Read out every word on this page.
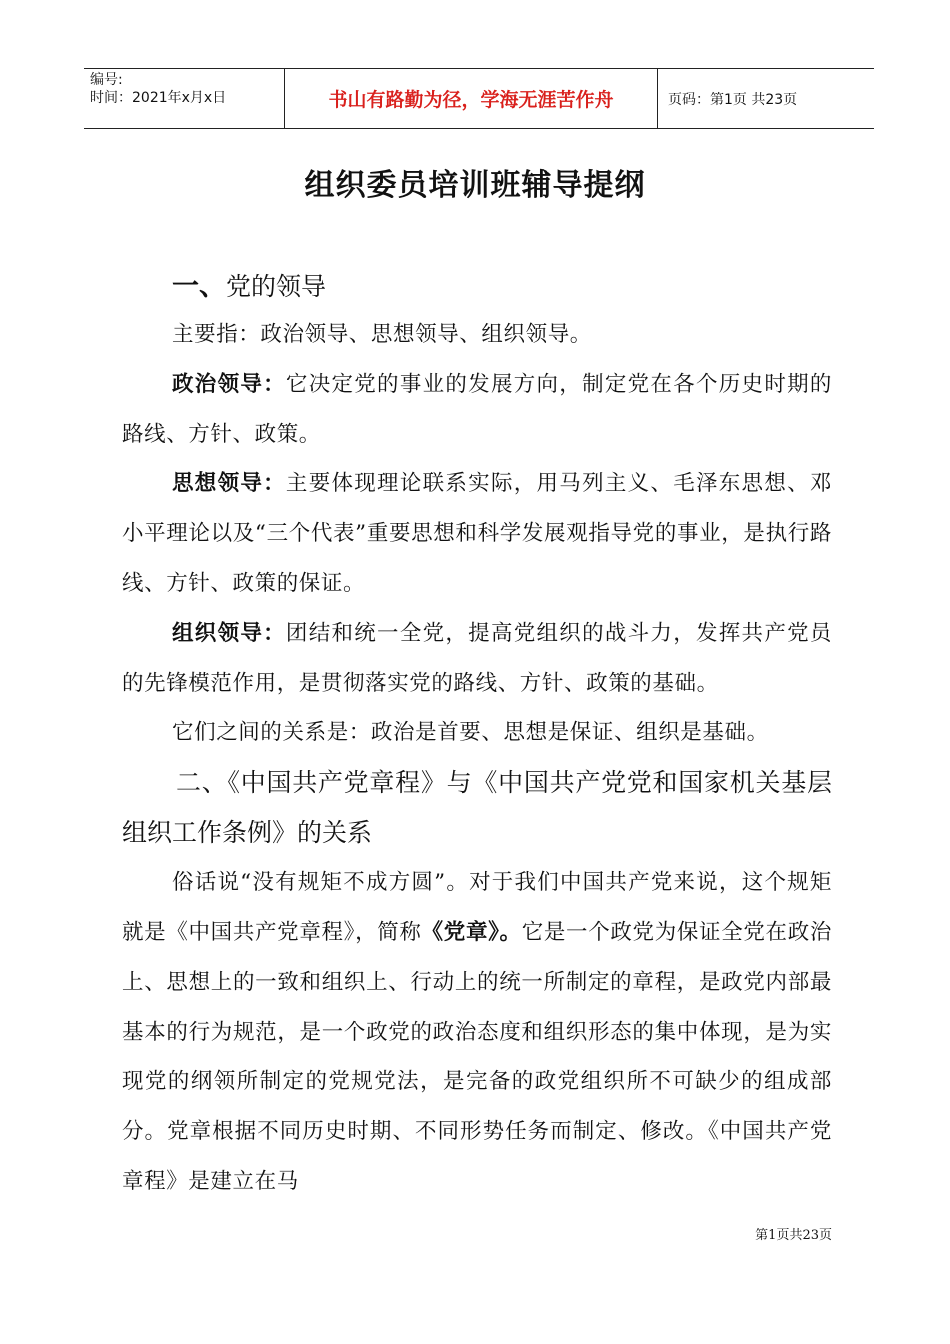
编号:
时间：2021年x月x日	书山有路勤为径，学海无涯苦作舟	页码：第1页 共23页
组织委员培训班辅导提纲
一、党的领导

主要指：政治领导、思想领导、组织领导。

政治领导：它决定党的事业的发展方向，制定党在各个历史时期的路线、方针、政策。

思想领导：主要体现理论联系实际，用马列主义、毛泽东思想、邓小平理论以及“三个代表”重要思想和科学发展观指导党的事业，是执行路线、方针、政策的保证。

组织领导：团结和统一全党，提高党组织的战斗力，发挥共产党员的先锋模范作用，是贯彻落实党的路线、方针、政策的基础。

它们之间的关系是：政治是首要、思想是保证、组织是基础。

二、《中国共产党章程》与《中国共产党党和国家机关基层组织工作条例》的关系

俗话说“没有规矩不成方圆”。对于我们中国共产党来说，这个规矩就是《中国共产党章程》，简称《党章》。它是一个政党为保证全党在政治上、思想上的一致和组织上、行动上的统一所制定的章程，是政党内部最基本的行为规范，是一个政党的政治态度和组织形态的集中体现，是为实现党的纲领所制定的党规党法，是完备的政党组织所不可缺少的组成部分。党章根据不同历史时期、不同形势任务而制定、修改。《中国共产党章程》是建立在马

第1页共23页
